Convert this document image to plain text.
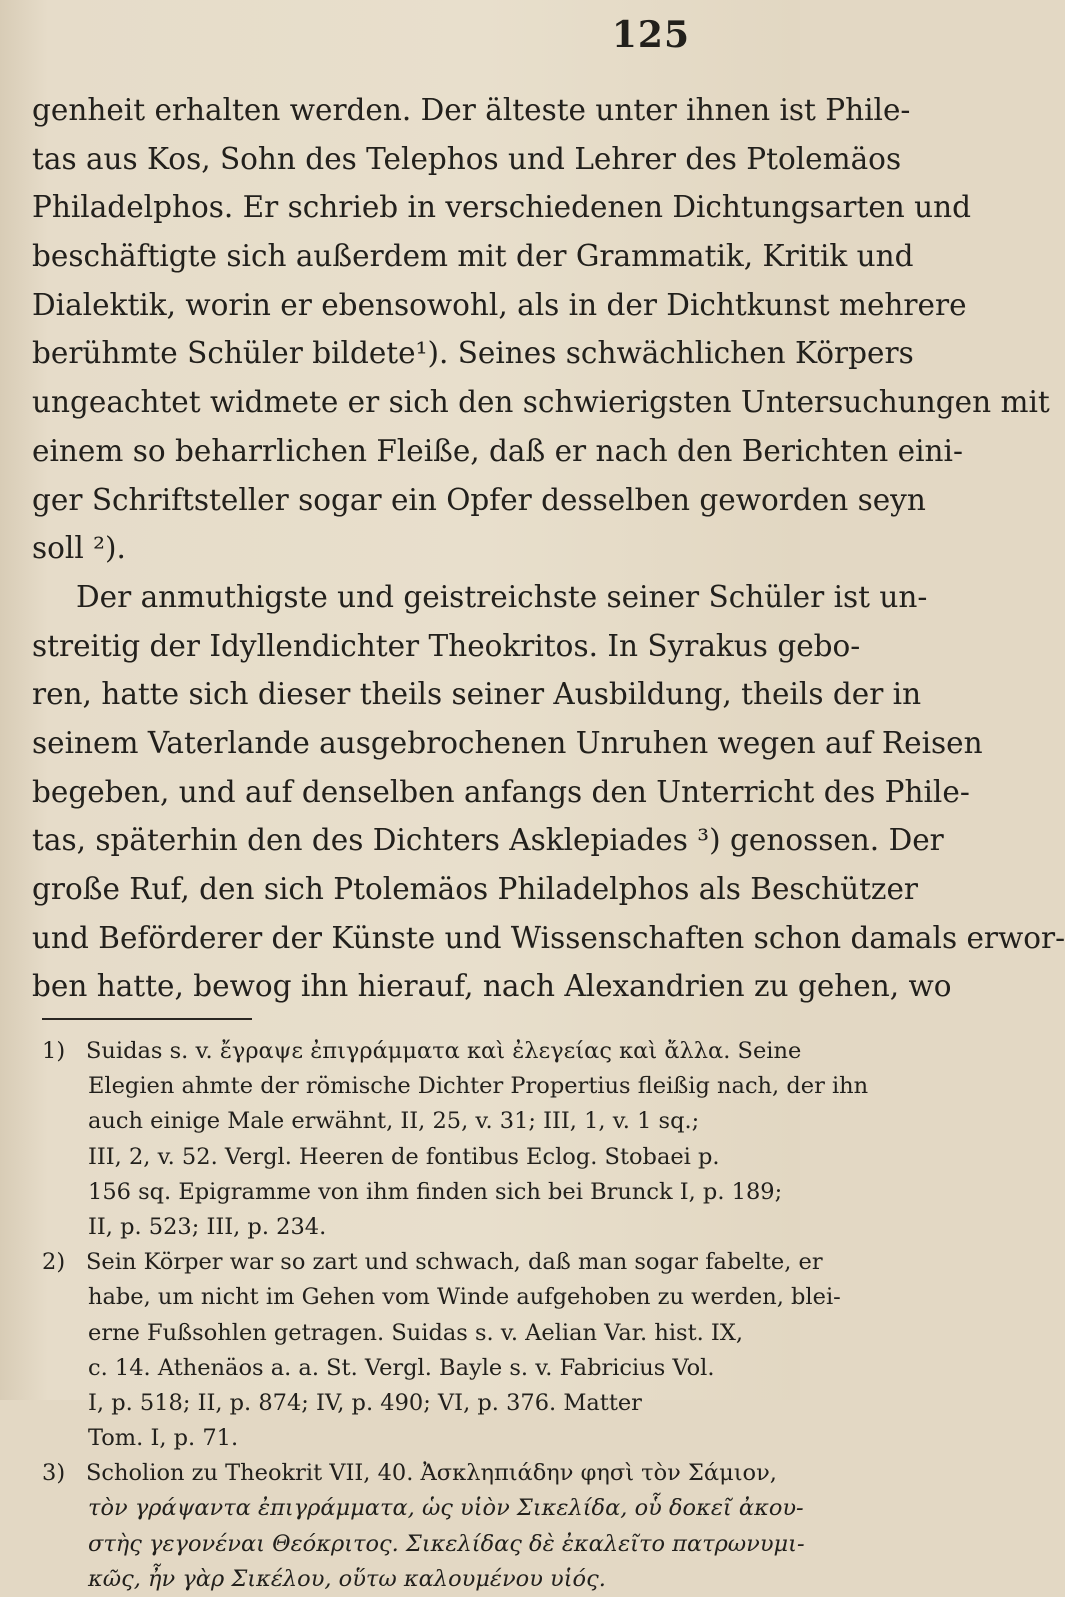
125
genheit erhalten werden. Der älteste unter ihnen ist Phile-
tas aus Kos, Sohn des Telephos und Lehrer des Ptolemäos
Philadelphos. Er schrieb in verschiedenen Dichtungsarten und
beschäftigte sich außerdem mit der Grammatik, Kritik und
Dialektik, worin er ebensowohl, als in der Dichtkunst mehrere
berühmte Schüler bildete¹). Seines schwächlichen Körpers
ungeachtet widmete er sich den schwierigsten Untersuchungen mit
einem so beharrlichen Fleiße, daß er nach den Berichten eini-
ger Schriftsteller sogar ein Opfer desselben geworden seyn
soll ²).
Der anmuthigste und geistreichste seiner Schüler ist un-
streitig der Idyllendichter Theokritos. In Syrakus gebo-
ren, hatte sich dieser theils seiner Ausbildung, theils der in
seinem Vaterlande ausgebrochenen Unruhen wegen auf Reisen
begeben, und auf denselben anfangs den Unterricht des Phile-
tas, späterhin den des Dichters Asklepiades ³) genossen. Der
große Ruf, den sich Ptolemäos Philadelphos als Beschützer
und Beförderer der Künste und Wissenschaften schon damals erwor-
ben hatte, bewog ihn hierauf, nach Alexandrien zu gehen, wo
1) Suidas s. v. ἔγραψε ἐπιγράμματα καὶ ἐλεγείας καὶ ἄλλα. Seine
Elegien ahmte der römische Dichter Propertius fleißig nach, der ihn
auch einige Male erwähnt, II, 25, v. 31; III, 1, v. 1 sq.;
III, 2, v. 52. Vergl. Heeren de fontibus Eclog. Stobaei p.
156 sq. Epigramme von ihm finden sich bei Brunck I, p. 189;
II, p. 523; III, p. 234.
2) Sein Körper war so zart und schwach, daß man sogar fabelte, er
habe, um nicht im Gehen vom Winde aufgehoben zu werden, blei-
erne Fußsohlen getragen. Suidas s. v. Aelian Var. hist. IX,
c. 14. Athenäos a. a. St. Vergl. Bayle s. v. Fabricius Vol.
I, p. 518; II, p. 874; IV, p. 490; VI, p. 376. Matter
Tom. I, p. 71.
3) Scholion zu Theokrit VII, 40. Ἀσκληπιάδην φησὶ τὸν Σάμιον,
τὸν γράψαντα ἐπιγράμματα, ὡς υἱὸν Σικελίδα, οὗ δοκεῖ ἀκου-
στὴς γεγονέναι Θεόκριτος. Σικελίδας δὲ ἐκαλεῖτο πατρωνυμι-
κῶς, ἦν γὰρ Σικέλου, οὕτω καλουμένου υἱός.
